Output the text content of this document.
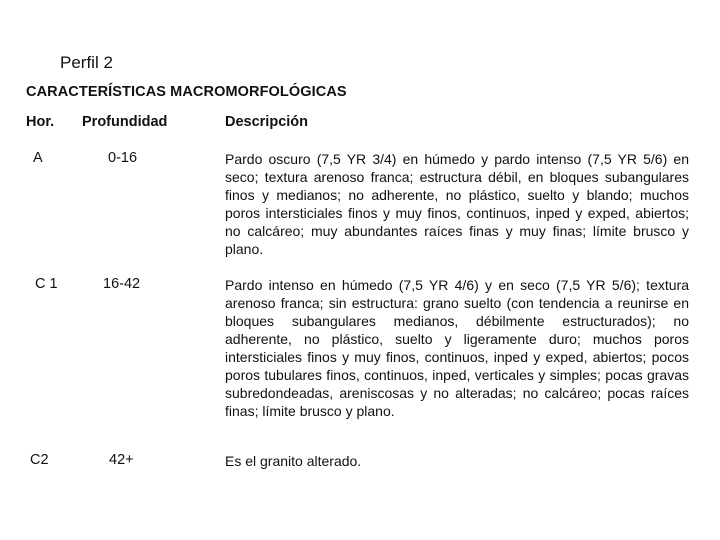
Perfil 2
CARACTERÍSTICAS MACROMORFOLÓGICAS
Hor. Profundidad	Descripción
A	0-16	Pardo oscuro (7,5 YR 3/4) en húmedo y pardo intenso (7,5 YR 5/6) en seco; textura arenoso franca; estructura débil, en bloques subangulares finos y medianos; no adherente, no plástico, suelto y blando; muchos poros intersticiales finos y muy finos, continuos, inped y exped, abiertos; no calcáreo; muy abundantes raíces finas y muy finas; límite brusco y plano.
C 1	16-42	Pardo intenso en húmedo (7,5 YR 4/6) y en seco (7,5 YR 5/6); textura arenoso franca; sin estructura: grano suelto (con tendencia a reunirse en bloques subangulares medianos, débilmente estructurados); no adherente, no plástico, suelto y ligeramente duro; muchos poros intersticiales finos y muy finos, continuos, inped y exped, abiertos; pocos poros tubulares finos, continuos, inped, verticales y simples; pocas gravas subredondeadas, areniscosas y no alteradas; no calcáreo; pocas raíces finas; límite brusco y plano.
C2	42+	Es el granito alterado.
